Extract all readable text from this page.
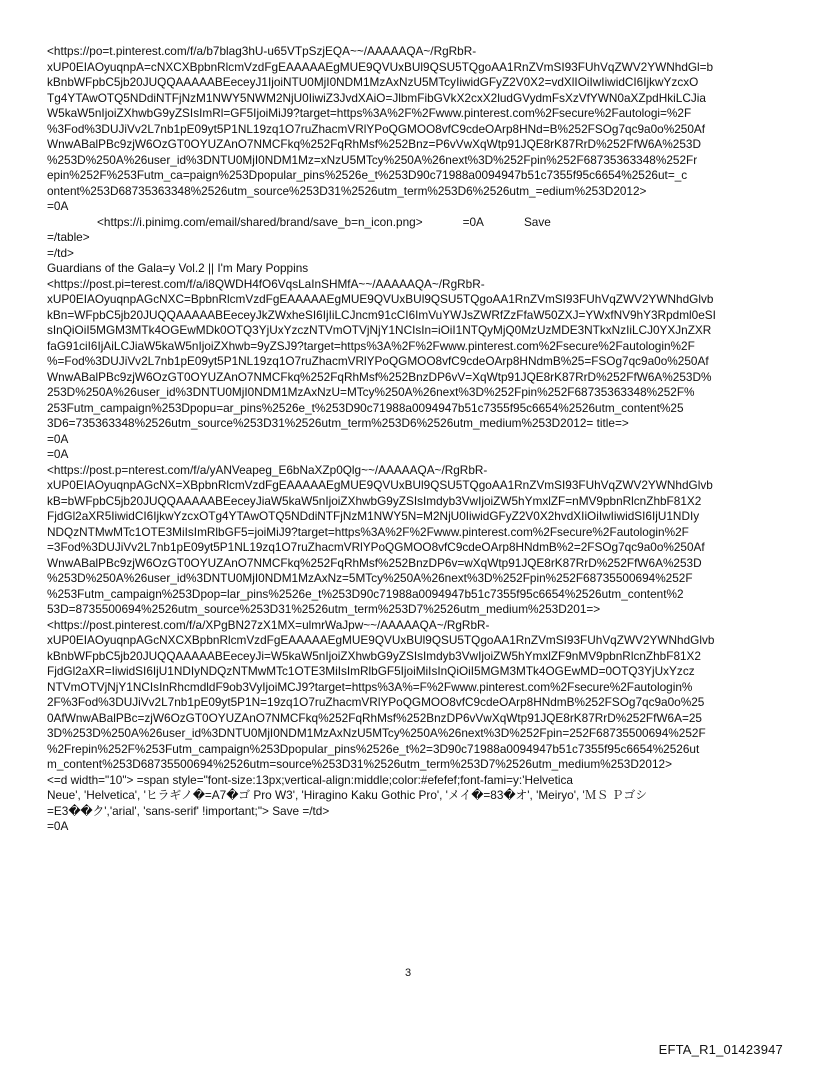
<https://po=t.pinterest.com/f/a/b7blag3hU-u65VTpSzjEQA~~/AAAAAQA~/RgRbR-
xUP0EIAOyuqnpA=cNXCXBpbnRlcmVzdFgEAAAAAEgMUE9QVUxBUl9QSU5TQgoAA1RnZVmSI93FUhVqZWV2YWNhdGl=b
kBnbWFpbC5jb20JUQQAAAAABEeceyJ1IjoiNTU0MjI0NDM1MzAxNzU5MTcyIiwidGFyZ2V0X2=vdXlIOiIwIiwidCI6IjkwYzcxO
Tg4YTAwOTQ5NDdiNTFjNzM1NWY5NWM2NjU0IiwiZ3JvdXAiO=JlbmFibGVkX2cxX2ludGVydmFsXzVfYWN0aXZpdHkiLCJia
W5kaW5nIjoiZXhwbG9yZSIsImRl=GF5IjoiMiJ9?target=https%3A%2F%2Fwww.pinterest.com%2Fsecure%2Fautologi=%2F
%3Fod%3DUJiVv2L7nb1pE09yt5P1NL19zq1O7ruZhacmVRlYPoQGMOO8vfC9cdeOArp8HNd=B%252FSOg7qc9a0o%250Af
WnwABalPBc9zjW6OzGT0OYUZAnO7NMCFkq%252FqRhMsf%252Bnz=P6vVwXqWtp91JQE8rK87RrD%252FfW6A%253D
%253D%250A%26user_id%3DNTU0MjI0NDM1Mz=xNzU5MTcy%250A%26next%3D%252Fpin%252F68735363348%252Fr
epin%252F%253Futm_ca=paign%253Dpopular_pins%2526e_t%253D90c71988a0094947b51c7355f95c6654%2526ut=_c
ontent%253D68735363348%2526utm_source%253D31%2526utm_term%253D6%2526utm_=edium%253D2012>
=0A
<https://i.pinimg.com/email/shared/brand/save_b=n_icon.png>	=0A	Save
=/table>
=/td>
Guardians of the Gala=y Vol.2 || I'm Mary Poppins
<https://post.pi=terest.com/f/a/i8QWDH4fO6VqsLaInSHMfA~~/AAAAAQA~/RgRbR-
xUP0EIAOyuqnpAGcNXC=BpbnRlcmVzdFgEAAAAAEgMUE9QVUxBUl9QSU5TQgoAA1RnZVmSI93FUhVqZWV2YWNhdGlvb
kBn=WFpbC5jb20JUQQAAAAABEeceyJkZWxheSI6IjIiLCJncm91cCI6ImVuYWJsZWRfZzFfaW50ZXJ=YWxfNV9hY3Rpdml0eSI
sInQiOiI5MGM3MTk4OGEwMDk0OTQ3YjUxYzczNTVmOTVjNjY1NCIsIn=iOiI1NTQyMjQ0MzUzMDE3NTkxNzIiLCJ0YXJnZXR
faG91ciI6IjAiLCJiaW5kaW5nIjoiZXhwb=9yZSJ9?target=https%3A%2F%2Fwww.pinterest.com%2Fsecure%2Fautologin%2F
%=Fod%3DUJiVv2L7nb1pE09yt5P1NL19zq1O7ruZhacmVRlYPoQGMOO8vfC9cdeOArp8HNdmB%25=FSOg7qc9a0o%250Af
WnwABalPBc9zjW6OzGT0OYUZAnO7NMCFkq%252FqRhMsf%252BnzDP6vV=XqWtp91JQE8rK87RrD%252FfW6A%253D%
253D%250A%26user_id%3DNTU0MjI0NDM1MzAxNzU=MTcy%250A%26next%3D%252Fpin%252F68735363348%252F%
253Futm_campaign%253Dpopu=ar_pins%2526e_t%253D90c71988a0094947b51c7355f95c6654%2526utm_content%25
3D6=735363348%2526utm_source%253D31%2526utm_term%253D6%2526utm_medium%253D2012= title=>
=0A
=0A
<https://post.p=nterest.com/f/a/yANVeapeg_E6bNaXZp0Qlg~~/AAAAAQA~/RgRbR-
xUP0EIAOyuqnpAGcNX=XBpbnRlcmVzdFgEAAAAAEgMUE9QVUxBUl9QSU5TQgoAA1RnZVmSI93FUhVqZWV2YWNhdGlvb
kB=bWFpbC5jb20JUQQAAAAABEeceyJiaW5kaW5nIjoiZXhwbG9yZSIsImdyb3VwIjoiZW5hYmxlZF=nMV9pbnRlcnZhbF81X2
FjdGl2aXR5IiwidCI6IjkwYzcxOTg4YTAwOTQ5NDdiNTFjNzM1NWY5N=M2NjU0IiwidGFyZ2V0X2hvdXIiOiIwIiwidSI6IjU1NDIy
NDQzNTMwMTc1OTE3MiIsImRlbGF5=joiMiJ9?target=https%3A%2F%2Fwww.pinterest.com%2Fsecure%2Fautologin%2F
=3Fod%3DUJiVv2L7nb1pE09yt5P1NL19zq1O7ruZhacmVRlYPoQGMOO8vfC9cdeOArp8HNdmB%2=2FSOg7qc9a0o%250Af
WnwABalPBc9zjW6OzGT0OYUZAnO7NMCFkq%252FqRhMsf%252BnzDP6v=wXqWtp91JQE8rK87RrD%252FfW6A%253D
%253D%250A%26user_id%3DNTU0MjI0NDM1MzAxNz=5MTcy%250A%26next%3D%252Fpin%252F68735500694%252F
%253Futm_campaign%253Dpop=lar_pins%2526e_t%253D90c71988a0094947b51c7355f95c6654%2526utm_content%2
53D=8735500694%2526utm_source%253D31%2526utm_term%253D7%2526utm_medium%253D201=>
<https://post.pinterest.com/f/a/XPgBN27zX1MX=ulmrWaJpw~~/AAAAAQA~/RgRbR-
xUP0EIAOyuqnpAGcNXCXBpbnRlcmVzdFgEAAAAAEgMUE9QVUxBUl9QSU5TQgoAA1RnZVmSI93FUhVqZWV2YWNhdGlvb
kBnbWFpbC5jb20JUQQAAAAABEeceyJi=W5kaW5nIjoiZXhwbG9yZSIsImdyb3VwIjoiZW5hYmxlZF9nMV9pbnRlcnZhbF81X2
FjdGl2aXR=IiwidSI6IjU1NDIyNDQzNTMwMTc1OTE3MiIsImRlbGF5IjoiMiIsInQiOiI5MGM3MTk4OGEwMD=0OTQ3YjUxYzcz
NTVmOTVjNjY1NCIsInRhcmdldF9ob3VyIjoiMCJ9?target=https%3A%=F%2Fwww.pinterest.com%2Fsecure%2Fautologin%
2F%3Fod%3DUJiVv2L7nb1pE09yt5P1N=19zq1O7ruZhacmVRlYPoQGMOO8vfC9cdeOArp8HNdmB%252FSOg7qc9a0o%25
0AfWnwABalPBc=zjW6OzGT0OYUZAnO7NMCFkq%252FqRhMsf%252BnzDP6vVwXqWtp91JQE8rK87RrD%252FfW6A=25
3D%253D%250A%26user_id%3DNTU0MjI0NDM1MzAxNzU5MTcy%250A%26next%3D%252Fpin=252F68735500694%252F
%2Frepin%252F%253Futm_campaign%253Dpopular_pins%2526e_t%2=3D90c71988a0094947b51c7355f95c6654%2526ut
m_content%253D68735500694%2526utm=source%253D31%2526utm_term%253D7%2526utm_medium%253D2012>
<=d width="10"> =span style="font-size:13px;vertical-align:middle;color:#efefef;font-fami=y:'Helvetica
Neue', 'Helvetica', 'ヒラギノ�=A7�ゴ Pro W3', 'Hiragino Kaku Gothic Pro', 'メイ�=83�オ', 'Meiryo', 'ＭＳ Ｐゴシ
=E3��ク','arial', 'sans-serif' !important;"> Save =/td>
=0A
3
EFTA_R1_01423947
